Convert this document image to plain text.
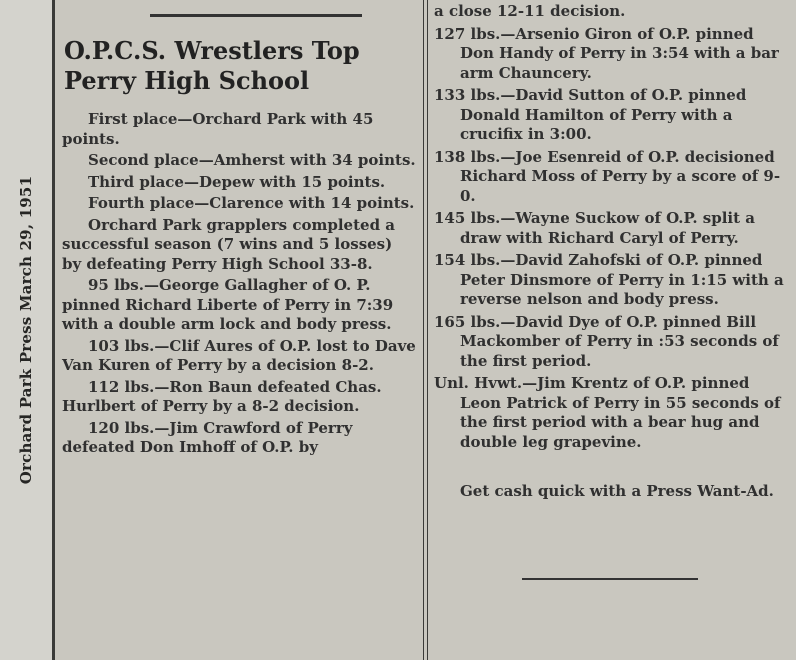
Orchard Park Press March 29, 1951
O.P.C.S. Wrestlers Top Perry High School

First place—Orchard Park with 45 points.

Second place—Amherst with 34 points.

Third place—Depew with 15 points.

Fourth place—Clarence with 14 points.

Orchard Park grapplers completed a successful season (7 wins and 5 losses) by defeating Perry High School 33-8.

95 lbs.—George Gallagher of O. P. pinned Richard Liberte of Perry in 7:39 with a double arm lock and body press.

103 lbs.—Clif Aures of O.P. lost to Dave Van Kuren of Perry by a decision 8-2.

112 lbs.—Ron Baun defeated Chas. Hurlbert of Perry by a 8-2 decision.

120 lbs.—Jim Crawford of Perry defeated Don Imhoff of O.P. by

a close 12-11 decision.

127 lbs.—Arsenio Giron of O.P. pinned Don Handy of Perry in 3:54 with a bar arm Chauncery.

133 lbs.—David Sutton of O.P. pinned Donald Hamilton of Perry with a crucifix in 3:00.

138 lbs.—Joe Esenreid of O.P. decisioned Richard Moss of Perry by a score of 9-0.

145 lbs.—Wayne Suckow of O.P. split a draw with Richard Caryl of Perry.

154 lbs.—David Zahofski of O.P. pinned Peter Dinsmore of Perry in 1:15 with a reverse nelson and body press.

165 lbs.—David Dye of O.P. pinned Bill Mackomber of Perry in :53 seconds of the first period.

Unl. Hvwt.—Jim Krentz of O.P. pinned Leon Patrick of Perry in 55 seconds of the first period with a bear hug and double leg grapevine.

Get cash quick with a Press Want-Ad.
